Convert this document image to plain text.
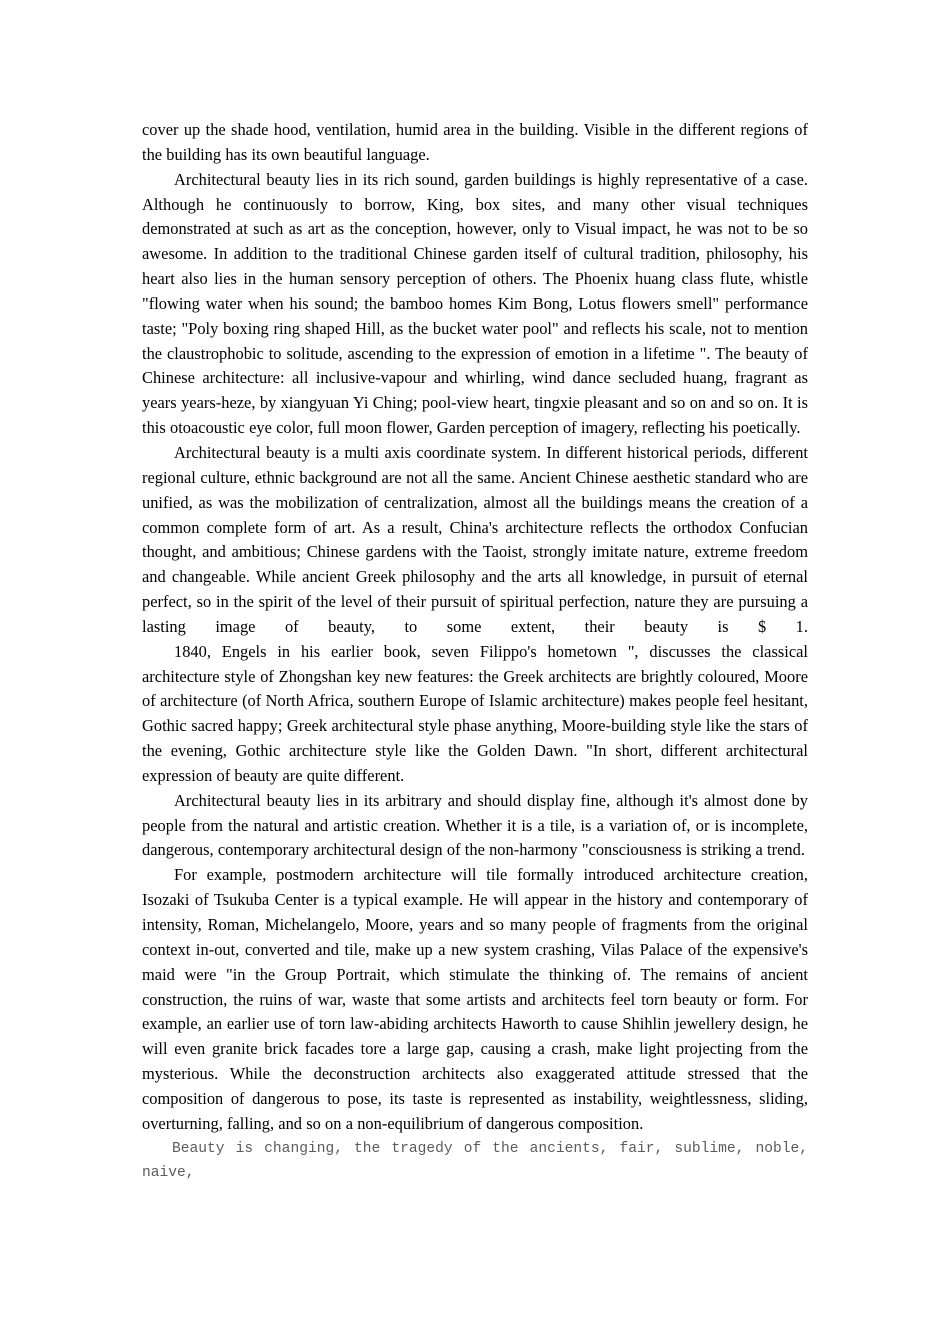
cover up the shade hood, ventilation, humid area in the building. Visible in the different regions of the building has its own beautiful language.

Architectural beauty lies in its rich sound, garden buildings is highly representative of a case. Although he continuously to borrow, King, box sites, and many other visual techniques demonstrated at such as art as the conception, however, only to Visual impact, he was not to be so awesome. In addition to the traditional Chinese garden itself of cultural tradition, philosophy, his heart also lies in the human sensory perception of others. The Phoenix huang class flute, whistle "flowing water when his sound; the bamboo homes Kim Bong, Lotus flowers smell" performance taste; "Poly boxing ring shaped Hill, as the bucket water pool" and reflects his scale, not to mention the claustrophobic to solitude, ascending to the expression of emotion in a lifetime ". The beauty of Chinese architecture: all inclusive-vapour and whirling, wind dance secluded huang, fragrant as years years-heze, by xiangyuan Yi Ching; pool-view heart, tingxie pleasant and so on and so on. It is this otoacoustic eye color, full moon flower, Garden perception of imagery, reflecting his poetically.

Architectural beauty is a multi axis coordinate system. In different historical periods, different regional culture, ethnic background are not all the same. Ancient Chinese aesthetic standard who are unified, as was the mobilization of centralization, almost all the buildings means the creation of a common complete form of art. As a result, China's architecture reflects the orthodox Confucian thought, and ambitious; Chinese gardens with the Taoist, strongly imitate nature, extreme freedom and changeable. While ancient Greek philosophy and the arts all knowledge, in pursuit of eternal perfect, so in the spirit of the level of their pursuit of spiritual perfection, nature they are pursuing a lasting image of beauty, to some extent, their beauty is $ 1.

1840, Engels in his earlier book, seven Filippo's hometown ", discusses the classical architecture style of Zhongshan key new features: the Greek architects are brightly coloured, Moore of architecture (of North Africa, southern Europe of Islamic architecture) makes people feel hesitant, Gothic sacred happy; Greek architectural style phase anything, Moore-building style like the stars of the evening, Gothic architecture style like the Golden Dawn. "In short, different architectural expression of beauty are quite different.

Architectural beauty lies in its arbitrary and should display fine, although it's almost done by people from the natural and artistic creation. Whether it is a tile, is a variation of, or is incomplete, dangerous, contemporary architectural design of the non-harmony "consciousness is striking a trend.

For example, postmodern architecture will tile formally introduced architecture creation, Isozaki of Tsukuba Center is a typical example. He will appear in the history and contemporary of intensity, Roman, Michelangelo, Moore, years and so many people of fragments from the original context in-out, converted and tile, make up a new system crashing, Vilas Palace of the expensive's maid were "in the Group Portrait, which stimulate the thinking of. The remains of ancient construction, the ruins of war, waste that some artists and architects feel torn beauty or form. For example, an earlier use of torn law-abiding architects Haworth to cause Shihlin jewellery design, he will even granite brick facades tore a large gap, causing a crash, make light projecting from the mysterious. While the deconstruction architects also exaggerated attitude stressed that the composition of dangerous to pose, its taste is represented as instability, weightlessness, sliding, overturning, falling, and so on a non-equilibrium of dangerous composition.

Beauty is changing, the tragedy of the ancients, fair, sublime, noble, naive,
